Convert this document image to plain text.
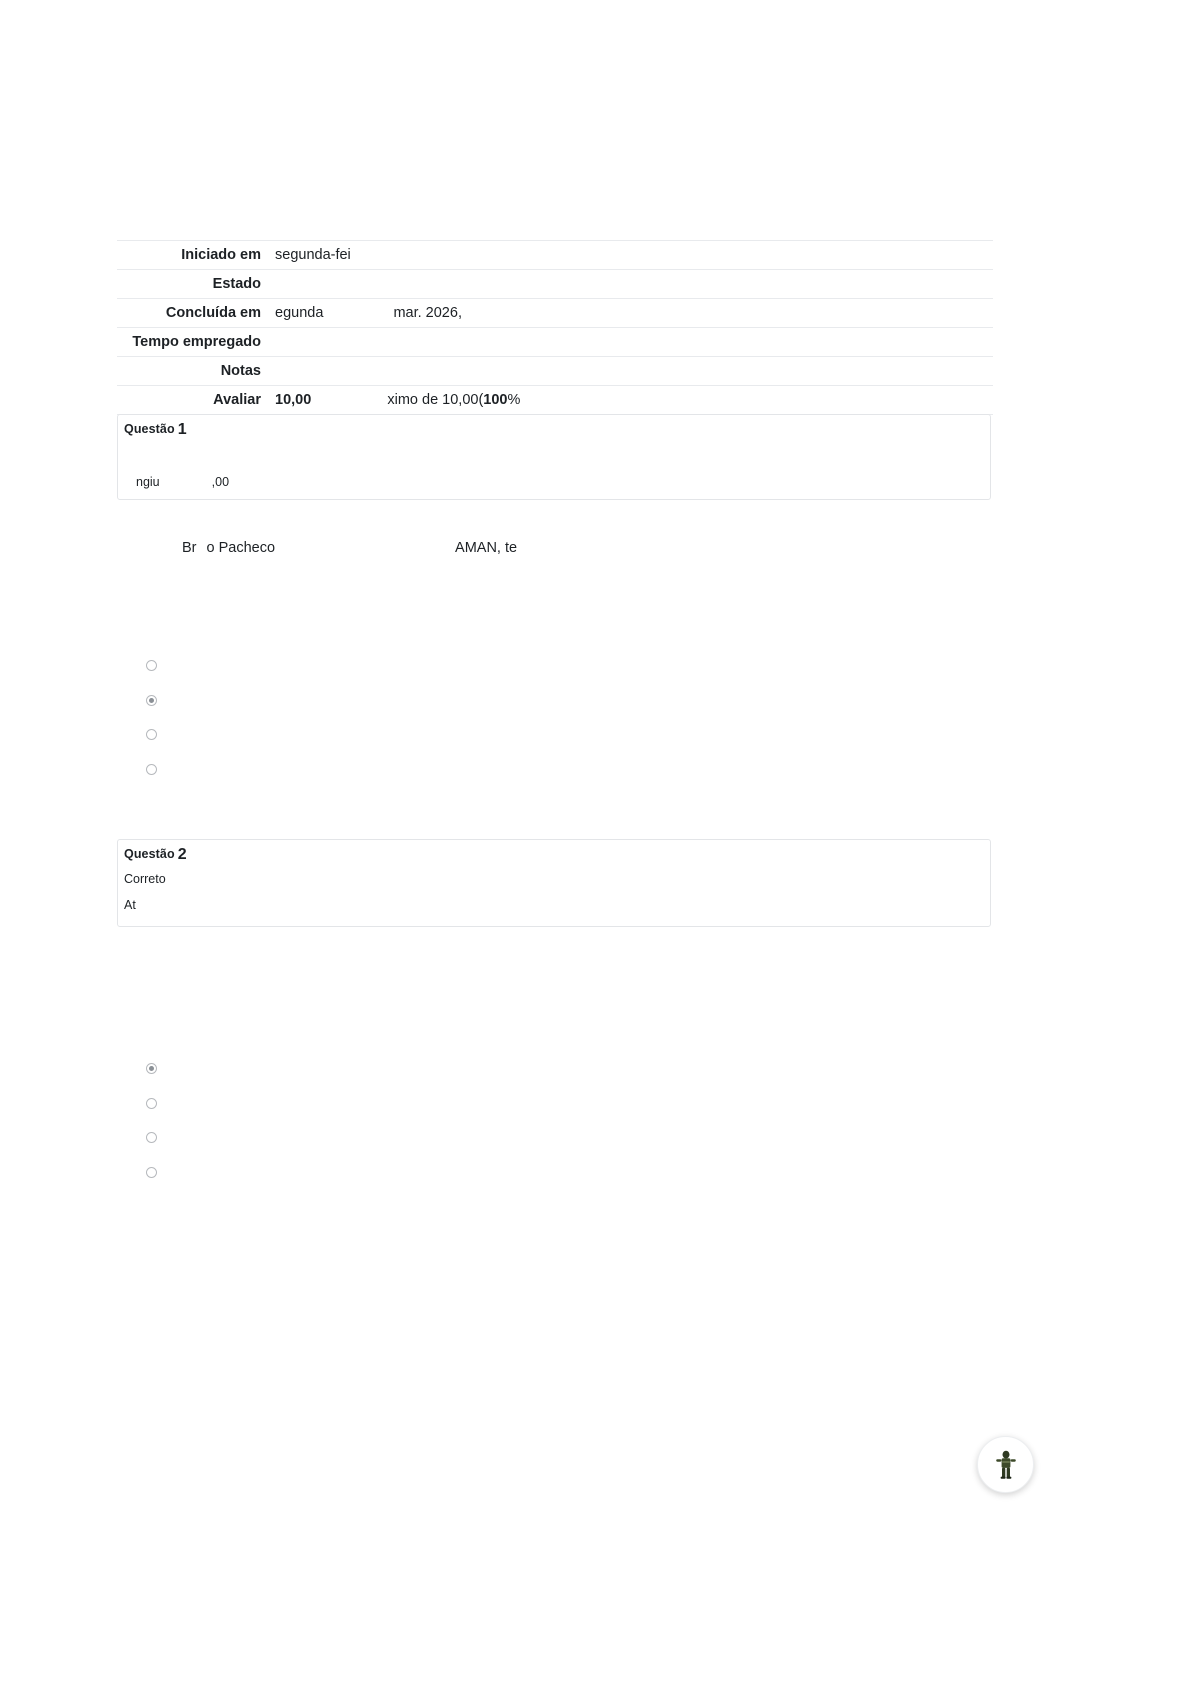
Iniciado em	segunda-fei
Estado	
Concluída em	egunda mar. 2026,
Tempo empregado	
Notas	
Avaliar	10,00 ximo de 10,00(100%
Questão 1
ngiu	,00
Br o Pacheco	AMAN, te
Questão 2
Correto
At
